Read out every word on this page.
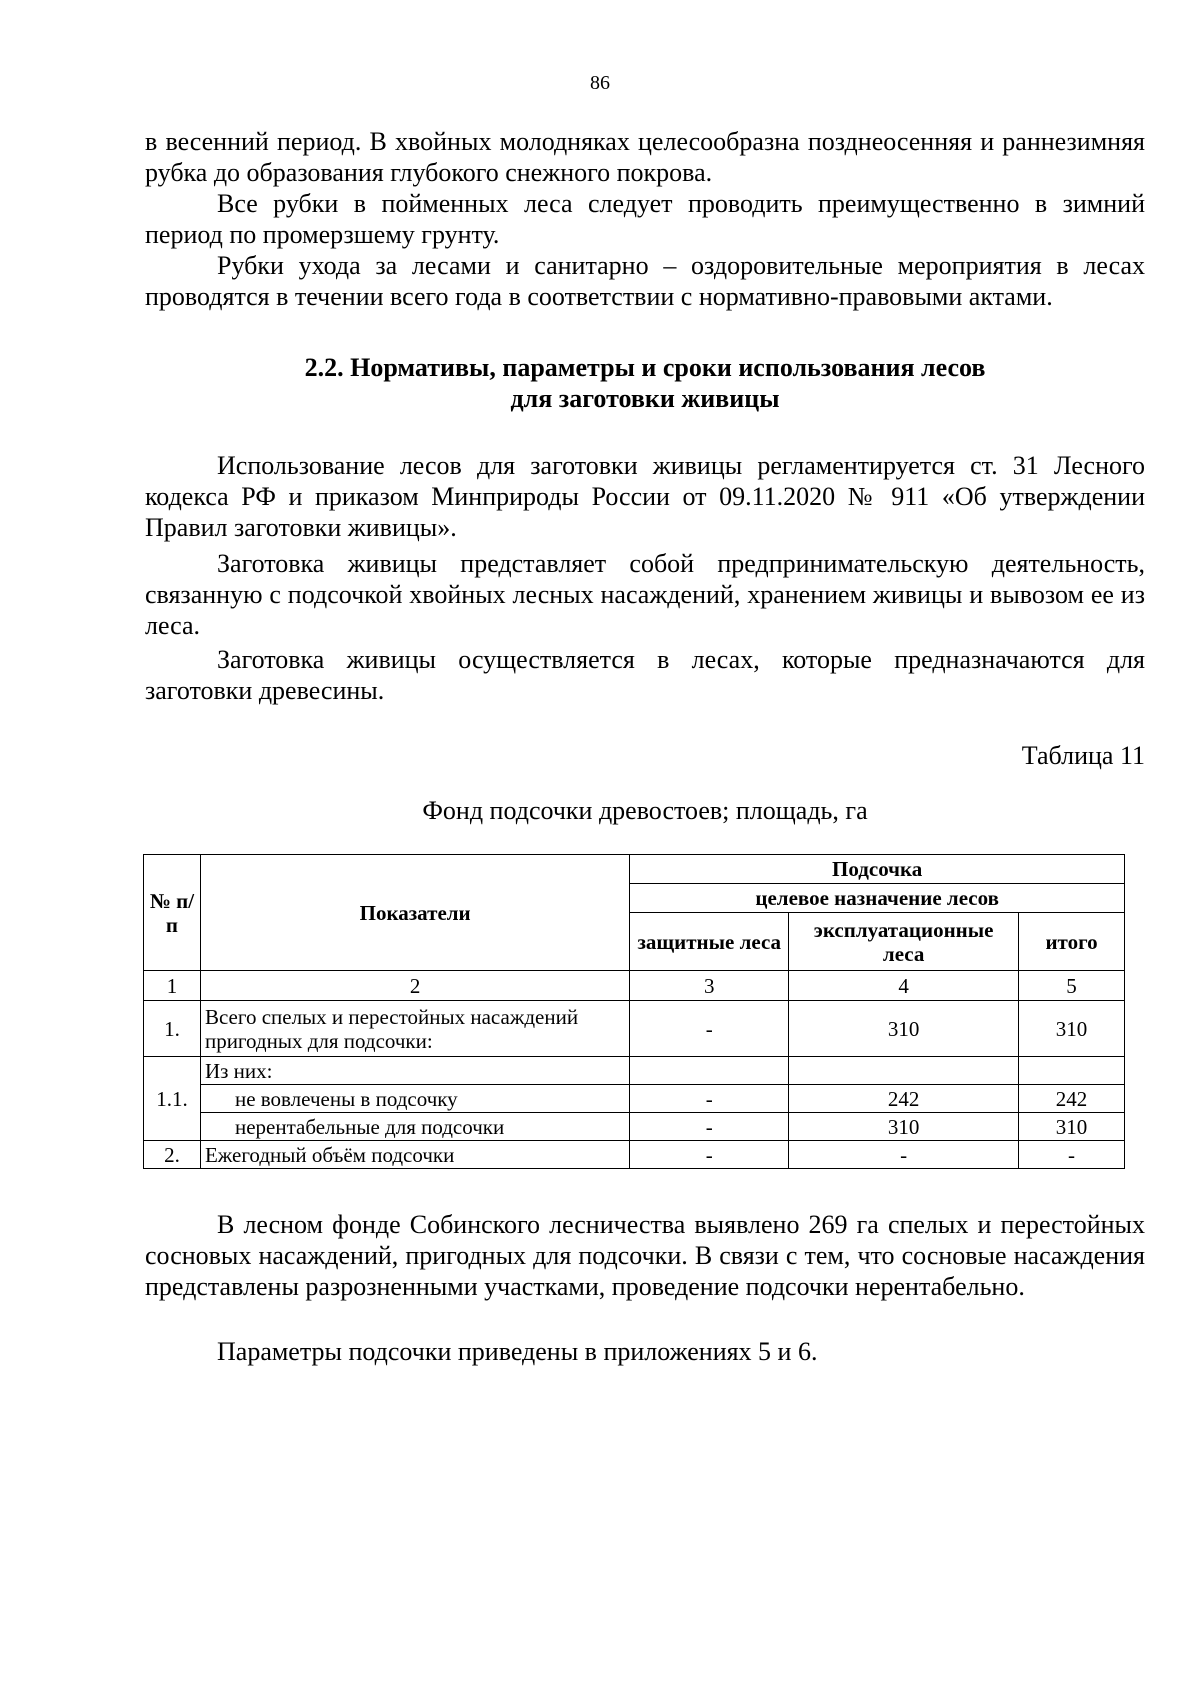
86

в весенний период. В хвойных молодняках целесообразна позднеосенняя и раннезимняя рубка до образования глубокого снежного покрова.

Все рубки в пойменных леса следует проводить преимущественно в зимний период по промерзшему грунту.

Рубки ухода за лесами и санитарно – оздоровительные мероприятия в лесах проводятся в течении всего года в соответствии с нормативно-правовыми актами.

2.2. Нормативы, параметры и сроки использования лесов
для заготовки живицы

Использование лесов для заготовки живицы регламентируется ст. 31 Лесного кодекса РФ и приказом Минприроды России от 09.11.2020 № 911 «Об утверждении Правил заготовки живицы».

Заготовка живицы представляет собой предпринимательскую деятельность, связанную с подсочкой хвойных лесных насаждений, хранением живицы и вывозом ее из леса.

Заготовка живицы осуществляется в лесах, которые предназначаются для заготовки древесины.

Таблица 11
Фонд подсочки древостоев; площадь, га
№ п/п	Показатели	Подсочка		
		целевое назначение лесов		
		защитные леса	эксплуатационные леса	итого
1	2	3	4	5
1.	Всего спелых и перестойных насаждений пригодных для подсочки:	-	310	310
1.1.	Из них:			
	не вовлечены в подсочку	-	242	242
	нерентабельные для подсочки	-	310	310
2.	Ежегодный объём подсочки	-	-	-

В лесном фонде Собинского лесничества выявлено 269 га спелых и перестойных сосновых насаждений, пригодных для подсочки. В связи с тем, что сосновые насаждения представлены разрозненными участками, проведение подсочки нерентабельно.

Параметры подсочки приведены в приложениях 5 и 6.
